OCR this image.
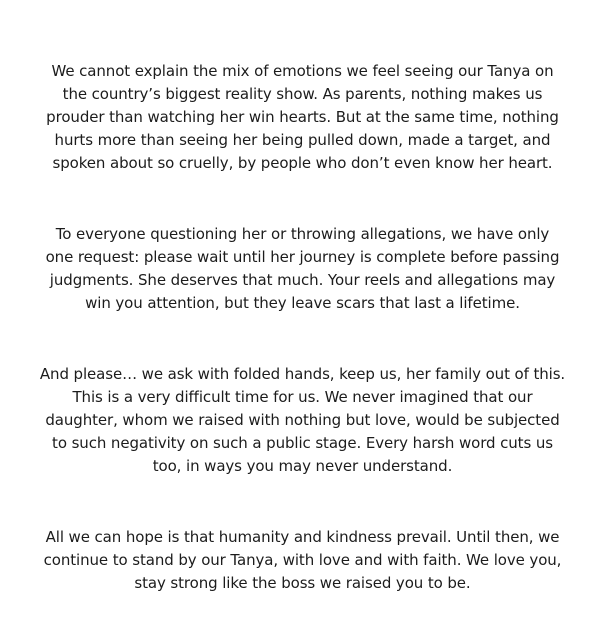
We cannot explain the mix of emotions we feel seeing our Tanya on
the country’s biggest reality show. As parents, nothing makes us
prouder than watching her win hearts. But at the same time, nothing
hurts more than seeing her being pulled down, made a target, and
spoken about so cruelly, by people who don’t even know her heart.

To everyone questioning her or throwing allegations, we have only
one request: please wait until her journey is complete before passing
judgments. She deserves that much. Your reels and allegations may
win you attention, but they leave scars that last a lifetime.

And please… we ask with folded hands, keep us, her family out of this.
This is a very difficult time for us. We never imagined that our
daughter, whom we raised with nothing but love, would be subjected
to such negativity on such a public stage. Every harsh word cuts us
too, in ways you may never understand.

All we can hope is that humanity and kindness prevail. Until then, we
continue to stand by our Tanya, with love and with faith. We love you,
stay strong like the boss we raised you to be.
